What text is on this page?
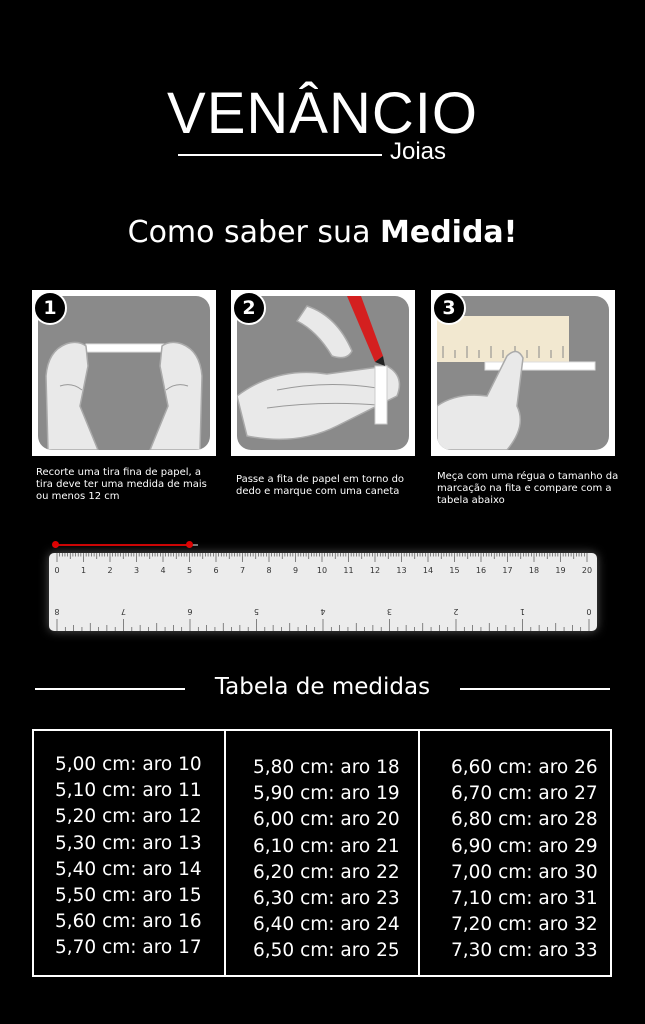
VENÂNCIO
Joias
Como saber sua Medida!
1	2	3
Recorte uma tira fina de papel, a tira deve ter uma medida de mais ou menos 12 cm
Passe a fita de papel em torno do dedo e marque com uma caneta
Meça com uma régua o tamanho da marcação na fita e compare com a tabela abaixo
0	1	2	3	4	5	6	7	8	9 10 11 12 13 14 15 16 17 18 19 20
8	7	6	5	4	3	2	1	0
Tabela de medidas
5,00 cm: aro 10
5,10 cm: aro 11
5,20 cm: aro 12
5,30 cm: aro 13
5,40 cm: aro 14
5,50 cm: aro 15
5,60 cm: aro 16
5,70 cm: aro 17
5,80 cm: aro 18
5,90 cm: aro 19
6,00 cm: aro 20
6,10 cm: aro 21
6,20 cm: aro 22
6,30 cm: aro 23
6,40 cm: aro 24
6,50 cm: aro 25
6,60 cm: aro 26
6,70 cm: aro 27
6,80 cm: aro 28
6,90 cm: aro 29
7,00 cm: aro 30
7,10 cm: aro 31
7,20 cm: aro 32
7,30 cm: aro 33
